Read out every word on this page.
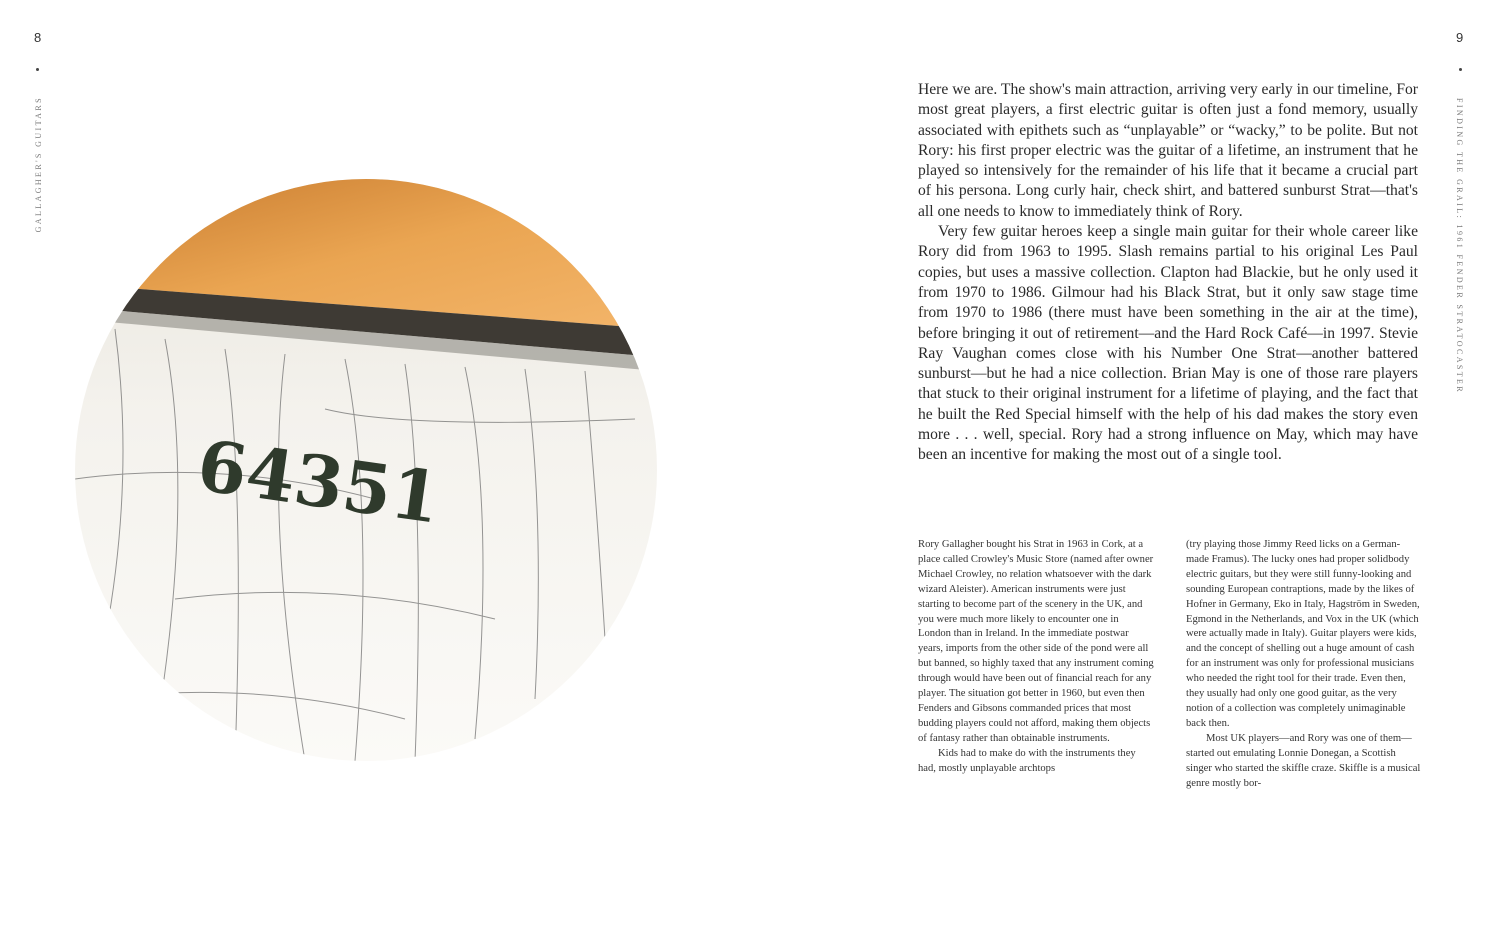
8
GALLAGHER'S GUITARS
64351
9
FINDING THE GRAIL: 1961 FENDER STRATOCASTER

Here we are. The show's main attraction, arriving very early in our timeline, For most great players, a first electric guitar is often just a fond memory, usually associated with epithets such as “unplayable” or “wacky,” to be polite. But not Rory: his first proper electric was the guitar of a lifetime, an instrument that he played so intensively for the remainder of his life that it became a crucial part of his persona. Long curly hair, check shirt, and battered sunburst Strat—that's all one needs to know to immediately think of Rory.

Very few guitar heroes keep a single main guitar for their whole career like Rory did from 1963 to 1995. Slash remains partial to his original Les Paul copies, but uses a massive collection. Clapton had Blackie, but he only used it from 1970 to 1986. Gilmour had his Black Strat, but it only saw stage time from 1970 to 1986 (there must have been something in the air at the time), before bringing it out of retirement—and the Hard Rock Café—in 1997. Stevie Ray Vaughan comes close with his Number One Strat—another battered sunburst—but he had a nice collection. Brian May is one of those rare players that stuck to their original instrument for a lifetime of playing, and the fact that he built the Red Special himself with the help of his dad makes the story even more . . . well, special. Rory had a strong influence on May, which may have been an incentive for making the most out of a single tool.

Rory Gallagher bought his Strat in 1963 in Cork, at a place called Crowley's Music Store (named after owner Michael Crowley, no relation whatsoever with the dark wizard Aleister). American instruments were just starting to become part of the scenery in the UK, and you were much more likely to encounter one in London than in Ireland. In the immediate postwar years, imports from the other side of the pond were all but banned, so highly taxed that any instrument coming through would have been out of financial reach for any player. The situation got better in 1960, but even then Fenders and Gibsons commanded prices that most budding players could not afford, making them objects of fantasy rather than obtainable instruments.

Kids had to make do with the instruments they had, mostly unplayable archtops

(try playing those Jimmy Reed licks on a German-made Framus). The lucky ones had proper solidbody electric guitars, but they were still funny-looking and sounding European contraptions, made by the likes of Hofner in Germany, Eko in Italy, Hagström in Sweden, Egmond in the Netherlands, and Vox in the UK (which were actually made in Italy). Guitar players were kids, and the concept of shelling out a huge amount of cash for an instrument was only for professional musicians who needed the right tool for their trade. Even then, they usually had only one good guitar, as the very notion of a collection was completely unimaginable back then.

Most UK players—and Rory was one of them—started out emulating Lonnie Donegan, a Scottish singer who started the skiffle craze. Skiffle is a musical genre mostly bor-
